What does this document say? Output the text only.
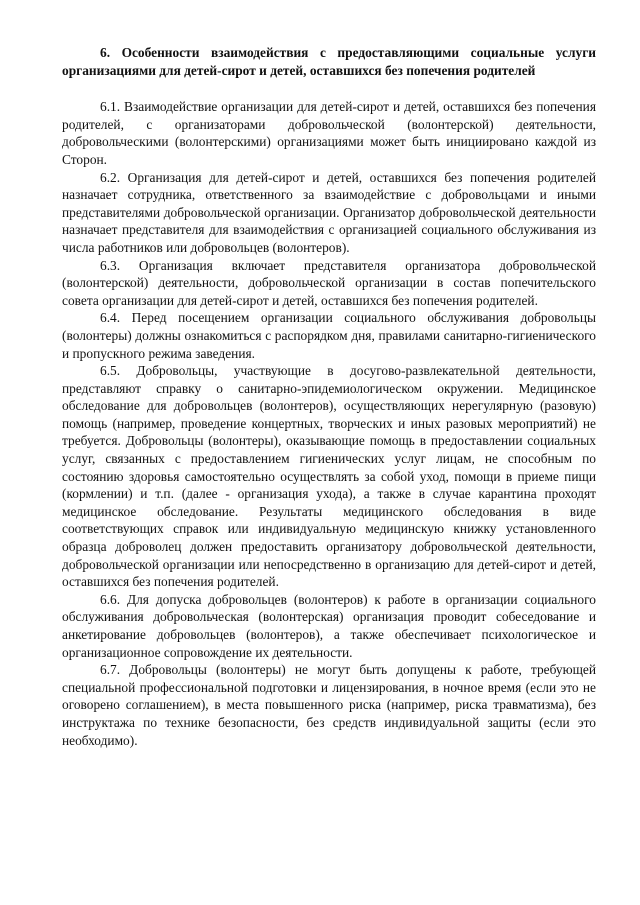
6. Особенности взаимодействия с предоставляющими социальные услуги организациями для детей-сирот и детей, оставшихся без попечения родителей

6.1. Взаимодействие организации для детей-сирот и детей, оставшихся без попечения родителей, с организаторами добровольческой (волонтерской) деятельности, добровольческими (волонтерскими) организациями может быть инициировано каждой из Сторон.

6.2. Организация для детей-сирот и детей, оставшихся без попечения родителей назначает сотрудника, ответственного за взаимодействие с добровольцами и иными представителями добровольческой организации. Организатор добровольческой деятельности назначает представителя для взаимодействия с организацией социального обслуживания из числа работников или добровольцев (волонтеров).

6.3. Организация включает представителя организатора добровольческой (волонтерской) деятельности, добровольческой организации в состав попечительского совета организации для детей-сирот и детей, оставшихся без попечения родителей.

6.4. Перед посещением организации социального обслуживания добровольцы (волонтеры) должны ознакомиться с распорядком дня, правилами санитарно-гигиенического и пропускного режима заведения.

6.5. Добровольцы, участвующие в досугово-развлекательной деятельности, представляют справку о санитарно-эпидемиологическом окружении. Медицинское обследование для добровольцев (волонтеров), осуществляющих нерегулярную (разовую) помощь (например, проведение концертных, творческих и иных разовых мероприятий) не требуется. Добровольцы (волонтеры), оказывающие помощь в предоставлении социальных услуг, связанных с предоставлением гигиенических услуг лицам, не способным по состоянию здоровья самостоятельно осуществлять за собой уход, помощи в приеме пищи (кормлении) и т.п. (далее - организация ухода), а также в случае карантина проходят медицинское обследование. Результаты медицинского обследования в виде соответствующих справок или индивидуальную медицинскую книжку установленного образца доброволец должен предоставить организатору добровольческой деятельности, добровольческой организации или непосредственно в организацию для детей-сирот и детей, оставшихся без попечения родителей.

6.6. Для допуска добровольцев (волонтеров) к работе в организации социального обслуживания добровольческая (волонтерская) организация проводит собеседование и анкетирование добровольцев (волонтеров), а также обеспечивает психологическое и организационное сопровождение их деятельности.

6.7. Добровольцы (волонтеры) не могут быть допущены к работе, требующей специальной профессиональной подготовки и лицензирования, в ночное время (если это не оговорено соглашением), в места повышенного риска (например, риска травматизма), без инструктажа по технике безопасности, без средств индивидуальной защиты (если это необходимо).
